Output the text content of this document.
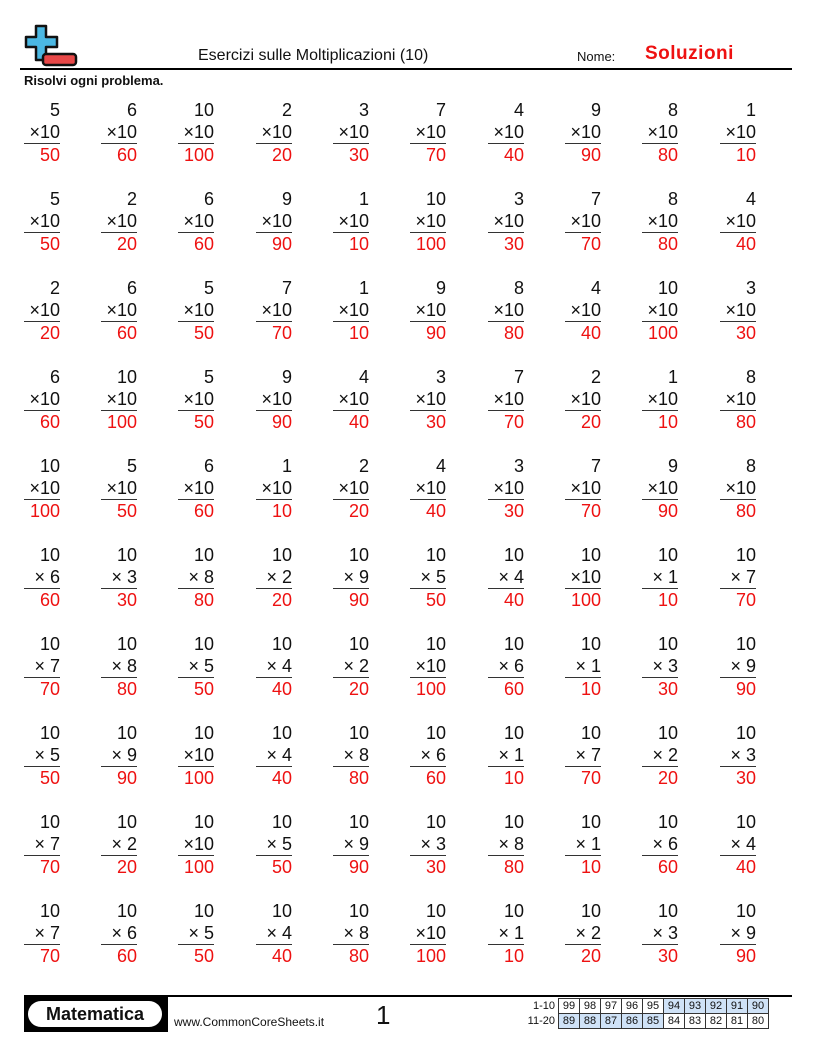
Esercizi sulle Moltiplicazioni (10)	Nome: Soluzioni
Risolvi ogni problema.
5
×10
50
6
×10
60
10
×10
100
2
×10
20
3
×10
30
7
×10
70
4
×10
40
9
×10
90
8
×10
80
1
×10
10
5
×10
50
2
×10
20
6
×10
60
9
×10
90
1
×10
10
10
×10
100
3
×10
30
7
×10
70
8
×10
80
4
×10
40
2
×10
20
6
×10
60
5
×10
50
7
×10
70
1
×10
10
9
×10
90
8
×10
80
4
×10
40
10
×10
100
3
×10
30
6
×10
60
10
×10
100
5
×10
50
9
×10
90
4
×10
40
3
×10
30
7
×10
70
2
×10
20
1
×10
10
8
×10
80
10
×10
100
5
×10
50
6
×10
60
1
×10
10
2
×10
20
4
×10
40
3
×10
30
7
×10
70
9
×10
90
8
×10
80
10
× 6
60
10
× 3
30
10
× 8
80
10
× 2
20
10
× 9
90
10
× 5
50
10
× 4
40
10
×10
100
10
× 1
10
10
× 7
70
10
× 7
70
10
× 8
80
10
× 5
50
10
× 4
40
10
× 2
20
10
×10
100
10
× 6
60
10
× 1
10
10
× 3
30
10
× 9
90
10
× 5
50
10
× 9
90
10
×10
100
10
× 4
40
10
× 8
80
10
× 6
60
10
× 1
10
10
× 7
70
10
× 2
20
10
× 3
30
10
× 7
70
10
× 2
20
10
×10
100
10
× 5
50
10
× 9
90
10
× 3
30
10
× 8
80
10
× 1
10
10
× 6
60
10
× 4
40
10
× 7
70
10
× 6
60
10
× 5
50
10
× 4
40
10
× 8
80
10
×10
100
10
× 1
10
10
× 2
20
10
× 3
30
10
× 9
90
Matematica	www.CommonCoreSheets.it 1	1-10	99	98	97	96	95	94	93	92	91	90
11-20	89	88	87	86	85	84	83	82	81	80
